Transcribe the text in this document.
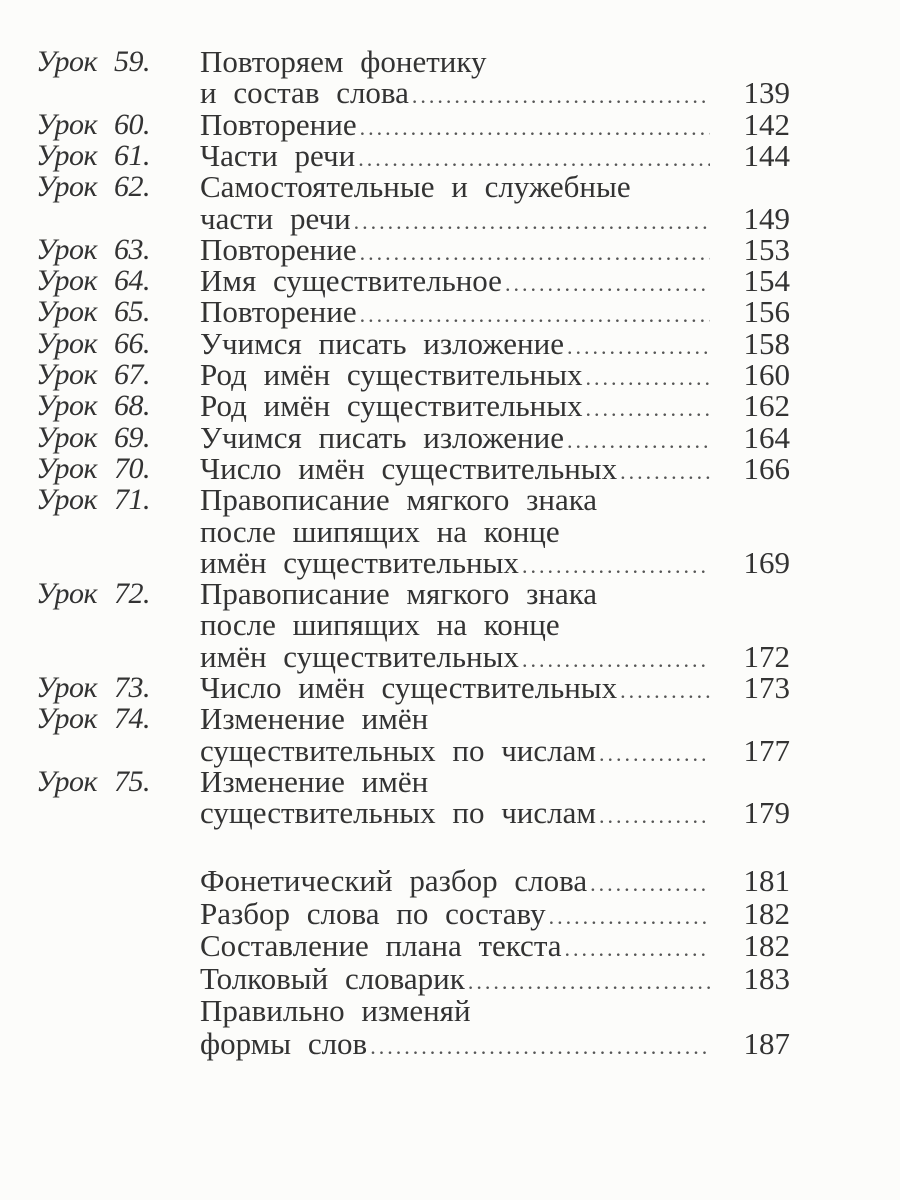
Урок 59. Повторяем фонетику
и состав слова .....	139
Урок 60. Повторение .....	142
Урок 61. Части речи .....	144
Урок 62. Самостоятельные и служебные
части речи .....	149
Урок 63. Повторение .....	153
Урок 64. Имя существительное .....	154
Урок 65. Повторение .....	156
Урок 66. Учимся писать изложение .....	158
Урок 67. Род имён существительных .....	160
Урок 68. Род имён существительных .....	162
Урок 69. Учимся писать изложение .....	164
Урок 70. Число имён существительных .....	166
Урок 71. Правописание мягкого знака
после шипящих на конце
имён существительных .....	169
Урок 72. Правописание мягкого знака
после шипящих на конце
имён существительных .....	172
Урок 73. Число имён существительных .....	173
Урок 74. Изменение имён
существительных по числам .....	177
Урок 75. Изменение имён
существительных по числам .....	179
Фонетический разбор слова .....	181
Разбор слова по составу .....	182
Составление плана текста .....	182
Толковый словарик .....	183
Правильно изменяй
формы слов .....	187
